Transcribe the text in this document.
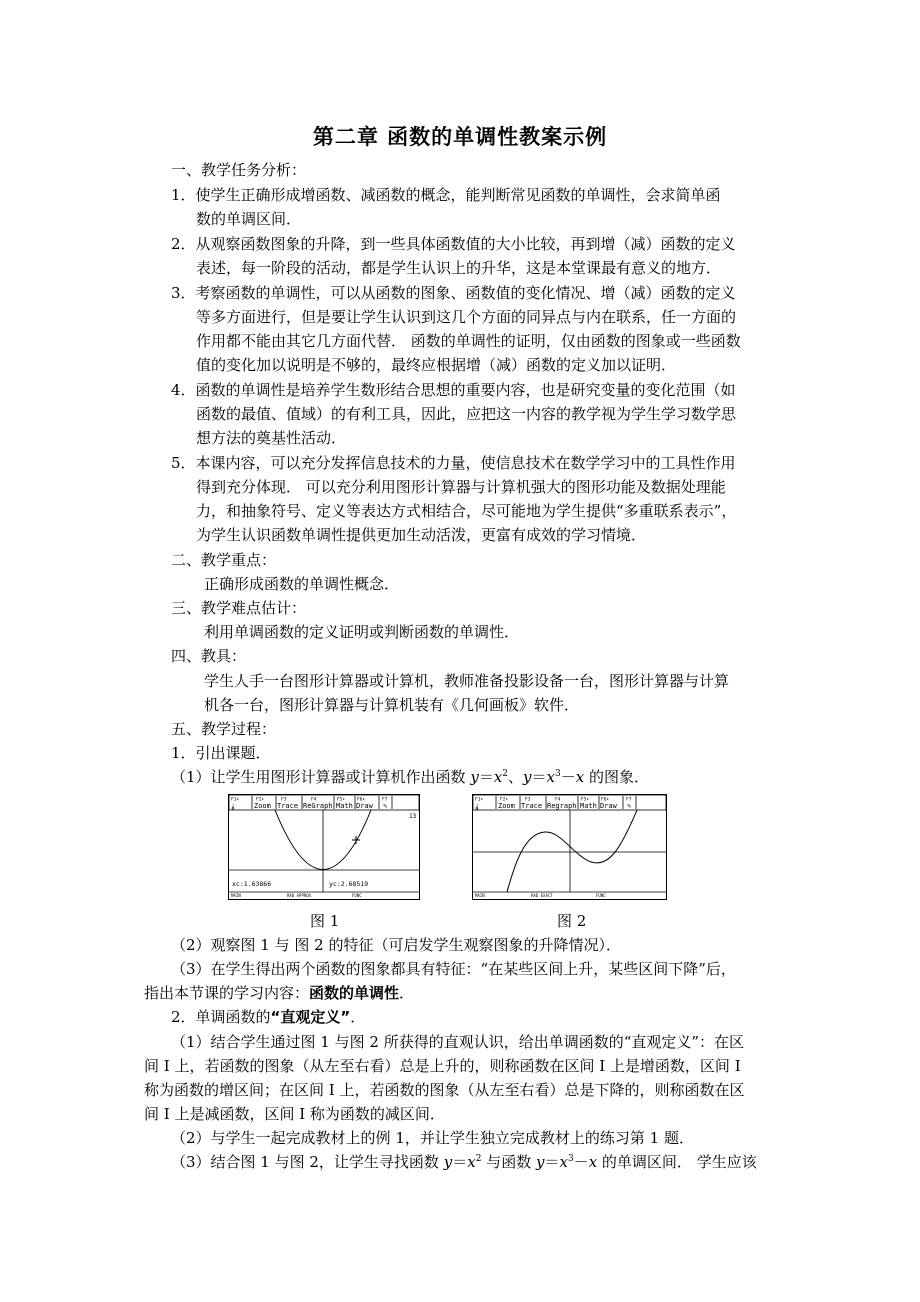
第二章 函数的单调性教案示例
一、教学任务分析：
1．使学生正确形成增函数、减函数的概念，能判断常见函数的单调性，会求简单函
数的单调区间．
2．从观察函数图象的升降，到一些具体函数值的大小比较，再到增（减）函数的定义
表述，每一阶段的活动，都是学生认识上的升华，这是本堂课最有意义的地方．
3．考察函数的单调性，可以从函数的图象、函数值的变化情况、增（减）函数的定义
等多方面进行，但是要让学生认识到这几个方面的同异点与内在联系，任一方面的
作用都不能由其它几方面代替． 函数的单调性的证明，仅由函数的图象或一些函数
值的变化加以说明是不够的，最终应根据增（减）函数的定义加以证明．
4．函数的单调性是培养学生数形结合思想的重要内容，也是研究变量的变化范围（如
函数的最值、值域）的有利工具，因此，应把这一内容的教学视为学生学习数学思
想方法的奠基性活动．
5．本课内容，可以充分发挥信息技术的力量，使信息技术在数学学习中的工具性作用
得到充分体现． 可以充分利用图形计算器与计算机强大的图形功能及数据处理能
力，和抽象符号、定义等表达方式相结合，尽可能地为学生提供“多重联系表示”，
为学生认识函数单调性提供更加生动活泼，更富有成效的学习情境．
二、教学重点：
正确形成函数的单调性概念．
三、教学难点估计：
利用单调函数的定义证明或判断函数的单调性．
四、教具：
学生人手一台图形计算器或计算机，教师准备投影设备一台，图形计算器与计算
机各一台，图形计算器与计算机装有《几何画板》软件．
五、教学过程：
1．引出课题．
（1）让学生用图形计算器或计算机作出函数 $y=x^2$、$y=x^3-x$ 的图象．
F1▾	F2▾	F3	F4	F5▾	F6▾	F7
⸘	Zoom Trace ReGraph Math Draw ✎
13
xc:1.63866	yc:2.68519
MAIN	RAD APPROX	FUNC
图 1
F1▾	F2▾	F3	F4	F5▾	F6▾	F7
⸘	Zoom Trace Regraph Math Draw ✎
MAIN	RAD EXACT	FUNC
图 2
（2）观察图 1 与 图 2 的特征（可启发学生观察图象的升降情况）．
（3）在学生得出两个函数的图象都具有特征：“在某些区间上升，某些区间下降”后，
指出本节课的学习内容：函数的单调性．
2．单调函数的“直观定义”．
（1）结合学生通过图 1 与图 2 所获得的直观认识，给出单调函数的“直观定义”：在区
间 I 上，若函数的图象（从左至右看）总是上升的，则称函数在区间 I 上是增函数，区间 I
称为函数的增区间；在区间 I 上，若函数的图象（从左至右看）总是下降的，则称函数在区
间 I 上是减函数，区间 I 称为函数的减区间．
（2）与学生一起完成教材上的例 1，并让学生独立完成教材上的练习第 1 题．
（3）结合图 1 与图 2，让学生寻找函数 $y=x^2$ 与函数 $y=x^3-x$ 的单调区间． 学生应该
